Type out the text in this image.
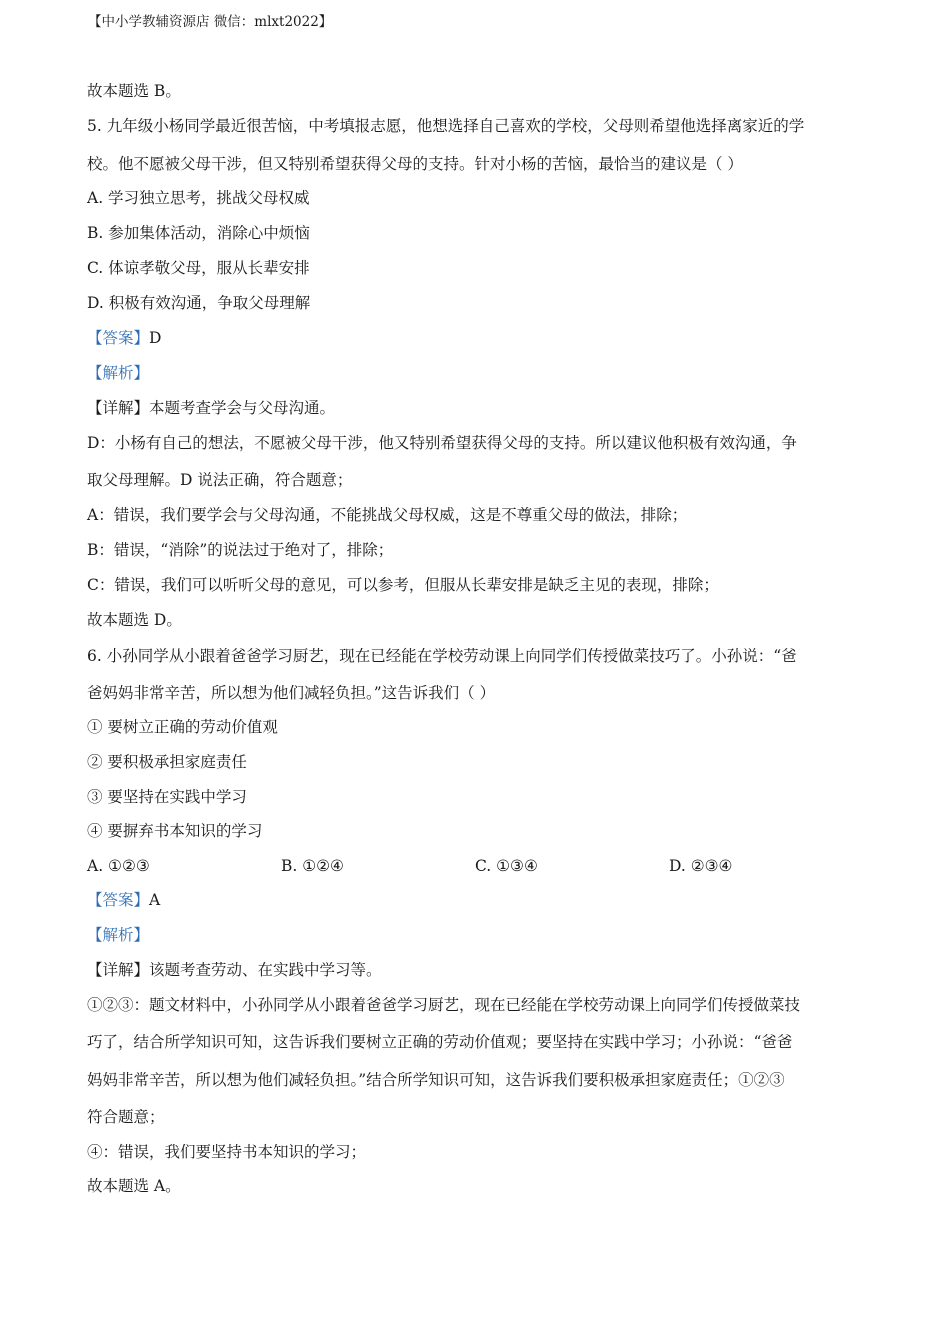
【中小学教辅资源店 微信：mlxt2022】
故本题选 B。
5. 九年级小杨同学最近很苦恼，中考填报志愿，他想选择自己喜欢的学校，父母则希望他选择离家近的学
校。他不愿被父母干涉，但又特别希望获得父母的支持。针对小杨的苦恼，最恰当的建议是（ ）
A. 学习独立思考，挑战父母权威
B. 参加集体活动，消除心中烦恼
C. 体谅孝敬父母，服从长辈安排
D. 积极有效沟通，争取父母理解
【答案】D
【解析】
【详解】本题考查学会与父母沟通。
D：小杨有自己的想法，不愿被父母干涉，他又特别希望获得父母的支持。所以建议他积极有效沟通，争
取父母理解。D 说法正确，符合题意；
A：错误，我们要学会与父母沟通，不能挑战父母权威，这是不尊重父母的做法，排除；
B：错误，“消除”的说法过于绝对了，排除；
C：错误，我们可以听听父母的意见，可以参考，但服从长辈安排是缺乏主见的表现，排除；
故本题选 D。
6. 小孙同学从小跟着爸爸学习厨艺，现在已经能在学校劳动课上向同学们传授做菜技巧了。小孙说：“爸
爸妈妈非常辛苦，所以想为他们减轻负担。”这告诉我们（ ）
① 要树立正确的劳动价值观
② 要积极承担家庭责任
③ 要坚持在实践中学习
④ 要摒弃书本知识的学习
A. ①②③	B. ①②④	C. ①③④	D. ②③④
【答案】A
【解析】
【详解】该题考查劳动、在实践中学习等。
①②③：题文材料中，小孙同学从小跟着爸爸学习厨艺，现在已经能在学校劳动课上向同学们传授做菜技
巧了，结合所学知识可知，这告诉我们要树立正确的劳动价值观；要坚持在实践中学习；小孙说：“爸爸
妈妈非常辛苦，所以想为他们减轻负担。”结合所学知识可知，这告诉我们要积极承担家庭责任；①②③
符合题意；
④：错误，我们要坚持书本知识的学习；
故本题选 A。
